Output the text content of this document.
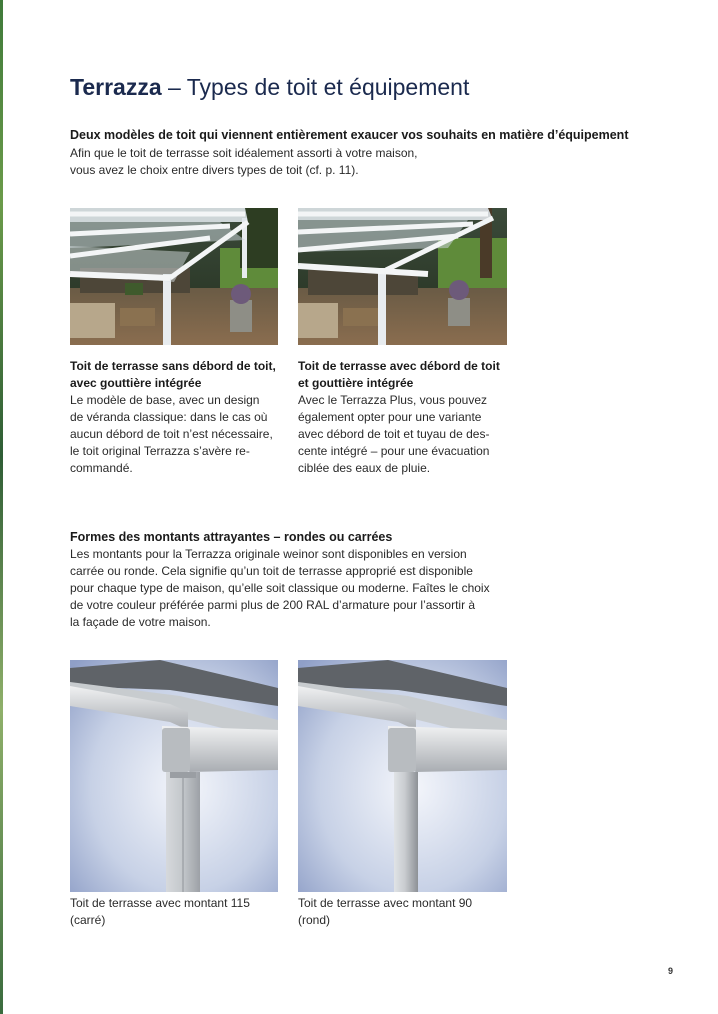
Terrazza – Types de toit et équipement
Deux modèles de toit qui viennent entièrement exaucer vos souhaits en matière d’équipement
Afin que le toit de terrasse soit idéalement assorti à votre maison,
vous avez le choix entre divers types de toit (cf. p. 11).
Toit de terrasse sans débord de toit,
avec gouttière intégrée
Le modèle de base, avec un design
de véranda classique: dans le cas où
aucun débord de toit n’est nécessaire,
le toit original Terrazza s’avère re-
commandé.
Toit de terrasse avec débord de toit
et gouttière intégrée
Avec le Terrazza Plus, vous pouvez
également opter pour une variante
avec débord de toit et tuyau de des-
cente intégré – pour une évacuation
ciblée des eaux de pluie.
Formes des montants attrayantes – rondes ou carrées
Les montants pour la Terrazza originale weinor sont disponibles en version
carrée ou ronde. Cela signifie qu’un toit de terrasse approprié est disponible
pour chaque type de maison, qu’elle soit classique ou moderne. Faîtes le choix
de votre couleur préférée parmi plus de 200 RAL d’armature pour l’assortir à
la façade de votre maison.
Toit de terrasse avec montant 115
(carré)
Toit de terrasse avec montant 90
(rond)
9
